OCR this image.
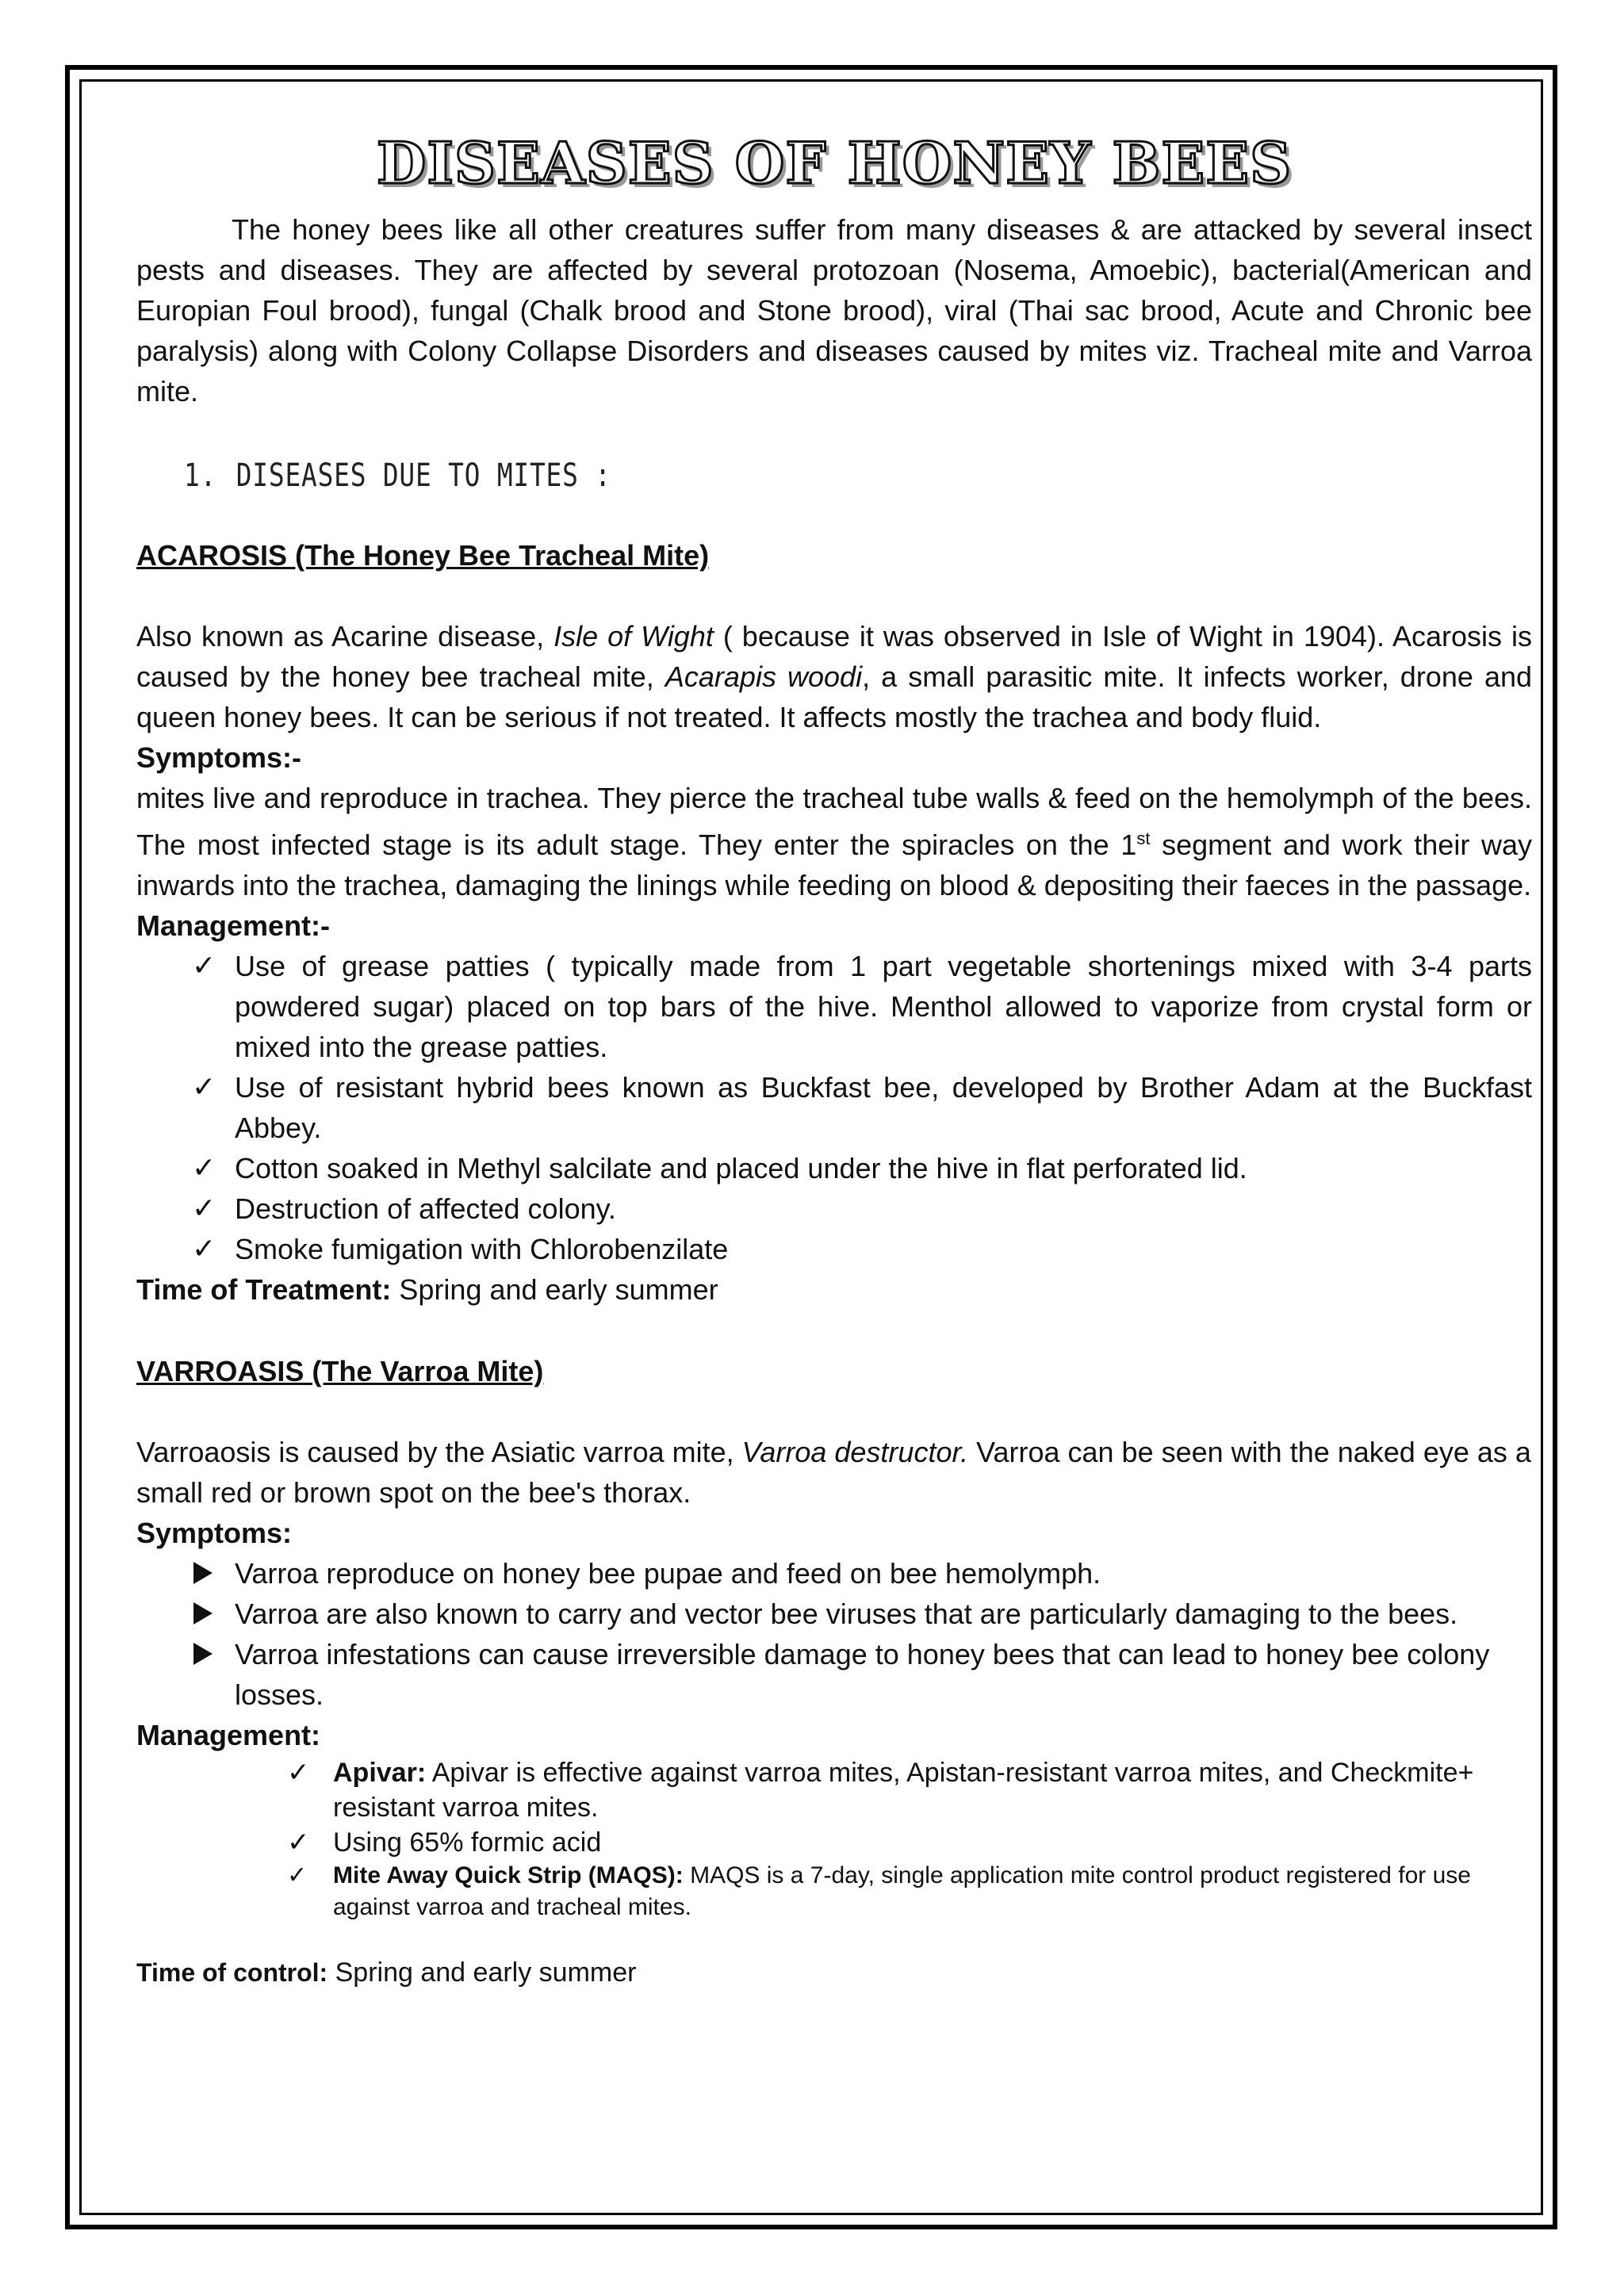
DISEASES OF HONEY BEES

The honey bees like all other creatures suffer from many diseases & are attacked by several insect pests and diseases. They are affected by several protozoan (Nosema, Amoebic), bacterial(American and Europian Foul brood), fungal (Chalk brood and Stone brood), viral (Thai sac brood, Acute and Chronic bee paralysis) along with Colony Collapse Disorders and diseases caused by mites viz. Tracheal mite and Varroa mite.

1. DISEASES DUE TO MITES :
ACAROSIS (The Honey Bee Tracheal Mite)

Also known as Acarine disease, Isle of Wight ( because it was observed in Isle of Wight in 1904). Acarosis is caused by the honey bee tracheal mite, Acarapis woodi, a small parasitic mite. It infects worker, drone and queen honey bees. It can be serious if not treated. It affects mostly the trachea and body fluid.

Symptoms:-

mites live and reproduce in trachea. They pierce the tracheal tube walls & feed on the hemolymph of the bees. The most infected stage is its adult stage. They enter the spiracles on the 1st segment and work their way inwards into the trachea, damaging the linings while feeding on blood & depositing their faeces in the passage.

Management:-
✓ Use of grease patties ( typically made from 1 part vegetable shortenings mixed with 3-4 parts powdered sugar) placed on top bars of the hive. Menthol allowed to vaporize from crystal form or mixed into the grease patties.
✓ Use of resistant hybrid bees known as Buckfast bee, developed by Brother Adam at the Buckfast Abbey.
✓ Cotton soaked in Methyl salcilate and placed under the hive in flat perforated lid.
✓ Destruction of affected colony.
✓ Smoke fumigation with Chlorobenzilate
Time of Treatment: Spring and early summer
VARROASIS (The Varroa Mite)

Varroaosis is caused by the Asiatic varroa mite, Varroa destructor. Varroa can be seen with the naked eye as a small red or brown spot on the bee's thorax.

Symptoms:
Varroa reproduce on honey bee pupae and feed on bee hemolymph.
Varroa are also known to carry and vector bee viruses that are particularly damaging to the bees.
Varroa infestations can cause irreversible damage to honey bees that can lead to honey bee colony losses.
Management:
✓ Apivar: Apivar is effective against varroa mites, Apistan-resistant varroa mites, and Checkmite+ resistant varroa mites.
✓ Using 65% formic acid
✓ Mite Away Quick Strip (MAQS): MAQS is a 7-day, single application mite control product registered for use against varroa and tracheal mites.
Time of control: Spring and early summer
